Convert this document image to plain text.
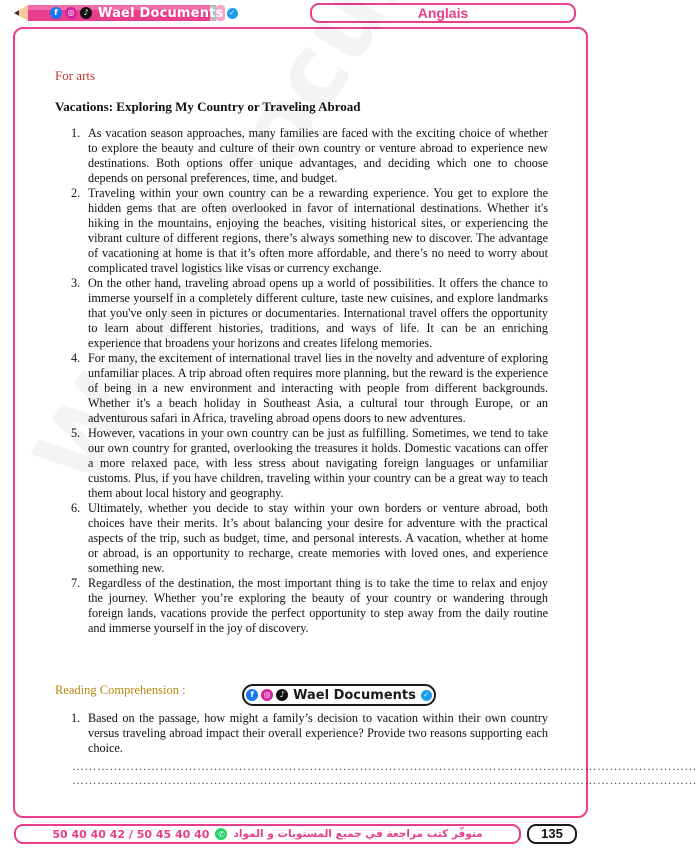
f	◎	♪ Wael Documents ✓	Anglais
For arts
Vacations: Exploring My Country or Traveling Abroad
1. As vacation season approaches, many families are faced with the exciting choice of whether to explore the beauty and culture of their own country or venture abroad to experience new destinations. Both options offer unique advantages, and deciding which one to choose depends on personal preferences, time, and budget.
2. Traveling within your own country can be a rewarding experience. You get to explore the hidden gems that are often overlooked in favor of international destinations. Whether it's hiking in the mountains, enjoying the beaches, visiting historical sites, or experiencing the vibrant culture of different regions, there’s always something new to discover. The advantage of vacationing at home is that it’s often more affordable, and there’s no need to worry about complicated travel logistics like visas or currency exchange.
3. On the other hand, traveling abroad opens up a world of possibilities. It offers the chance to immerse yourself in a completely different culture, taste new cuisines, and explore landmarks that you've only seen in pictures or documentaries. International travel offers the opportunity to learn about different histories, traditions, and ways of life. It can be an enriching experience that broadens your horizons and creates lifelong memories.
4. For many, the excitement of international travel lies in the novelty and adventure of exploring unfamiliar places. A trip abroad often requires more planning, but the reward is the experience of being in a new environment and interacting with people from different backgrounds. Whether it's a beach holiday in Southeast Asia, a cultural tour through Europe, or an adventurous safari in Africa, traveling abroad opens doors to new adventures.
5. However, vacations in your own country can be just as fulfilling. Sometimes, we tend to take our own country for granted, overlooking the treasures it holds. Domestic vacations can offer a more relaxed pace, with less stress about navigating foreign languages or unfamiliar customs. Plus, if you have children, traveling within your country can be a great way to teach them about local history and geography.
6. Ultimately, whether you decide to stay within your own borders or venture abroad, both choices have their merits. It’s about balancing your desire for adventure with the practical aspects of the trip, such as budget, time, and personal interests. A vacation, whether at home or abroad, is an opportunity to recharge, create memories with loved ones, and experience something new.
7. Regardless of the destination, the most important thing is to take the time to relax and enjoy the journey. Whether you’re exploring the beauty of your country or wandering through foreign lands, vacations provide the perfect opportunity to step away from the daily routine and immerse yourself in the joy of discovery.
Reading Comprehension :	f	◎	♪ Wael Documents	✓
1. Based on the passage, how might a family’s decision to vacation within their own country versus traveling abroad impact their overall experience? Provide two reasons supporting each choice.
……………………………………………………………………………………………………………………………………
……………………………………………………………………………………………………………………………………
50 40 40 42 / 50 45 40 40	✆ متوفّر كتب مراجعة في جميع المستويات و المواد	135
